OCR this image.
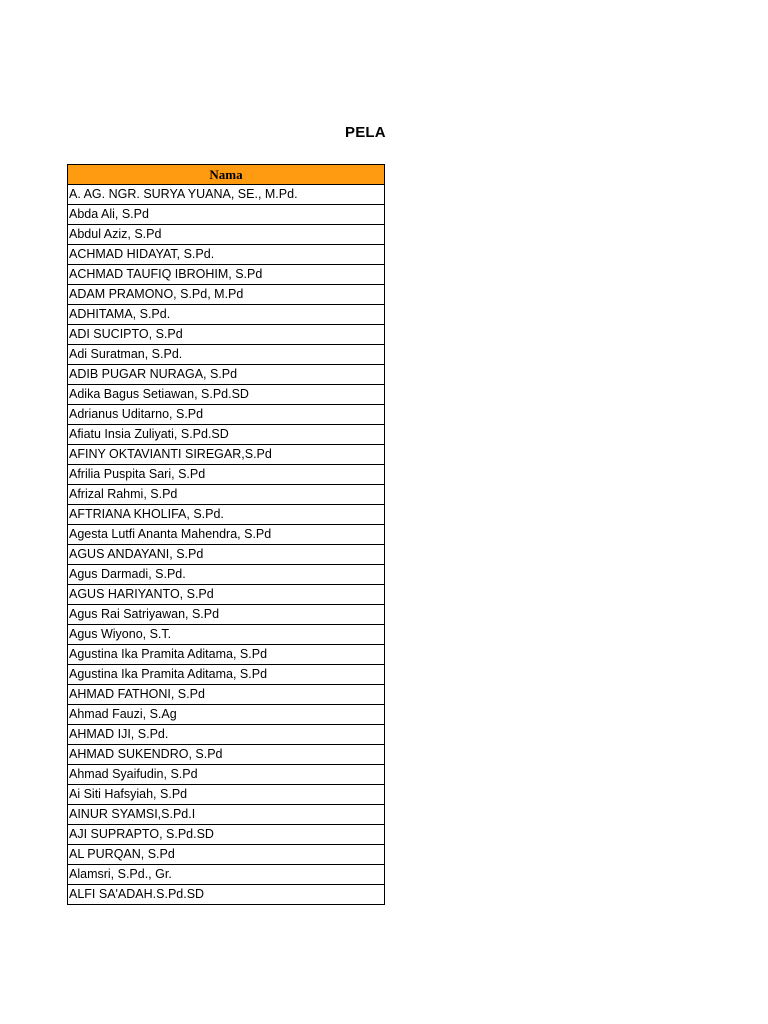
PELA
Nama
A. AG. NGR. SURYA YUANA, SE., M.Pd.
Abda Ali, S.Pd
Abdul Aziz, S.Pd
ACHMAD HIDAYAT, S.Pd.
ACHMAD TAUFIQ IBROHIM, S.Pd
ADAM PRAMONO, S.Pd, M.Pd
ADHITAMA, S.Pd.
ADI SUCIPTO, S.Pd
Adi Suratman, S.Pd.
ADIB PUGAR NURAGA, S.Pd
Adika Bagus Setiawan, S.Pd.SD
Adrianus Uditarno, S.Pd
Afiatu Insia Zuliyati, S.Pd.SD
AFINY OKTAVIANTI SIREGAR,S.Pd
Afrilia Puspita Sari, S.Pd
Afrizal Rahmi, S.Pd
AFTRIANA KHOLIFA, S.Pd.
Agesta Lutfi Ananta Mahendra, S.Pd
AGUS ANDAYANI, S.Pd
Agus Darmadi, S.Pd.
AGUS HARIYANTO, S.Pd
Agus Rai Satriyawan, S.Pd
Agus Wiyono, S.T.
Agustina Ika Pramita Aditama, S.Pd
Agustina Ika Pramita Aditama, S.Pd
AHMAD FATHONI, S.Pd
Ahmad Fauzi, S.Ag
AHMAD IJI, S.Pd.
AHMAD SUKENDRO, S.Pd
Ahmad Syaifudin, S.Pd
Ai Siti Hafsyiah, S.Pd
AINUR SYAMSI,S.Pd.I
AJI SUPRAPTO, S.Pd.SD
AL PURQAN, S.Pd
Alamsri, S.Pd., Gr.
ALFI SA'ADAH.S.Pd.SD
